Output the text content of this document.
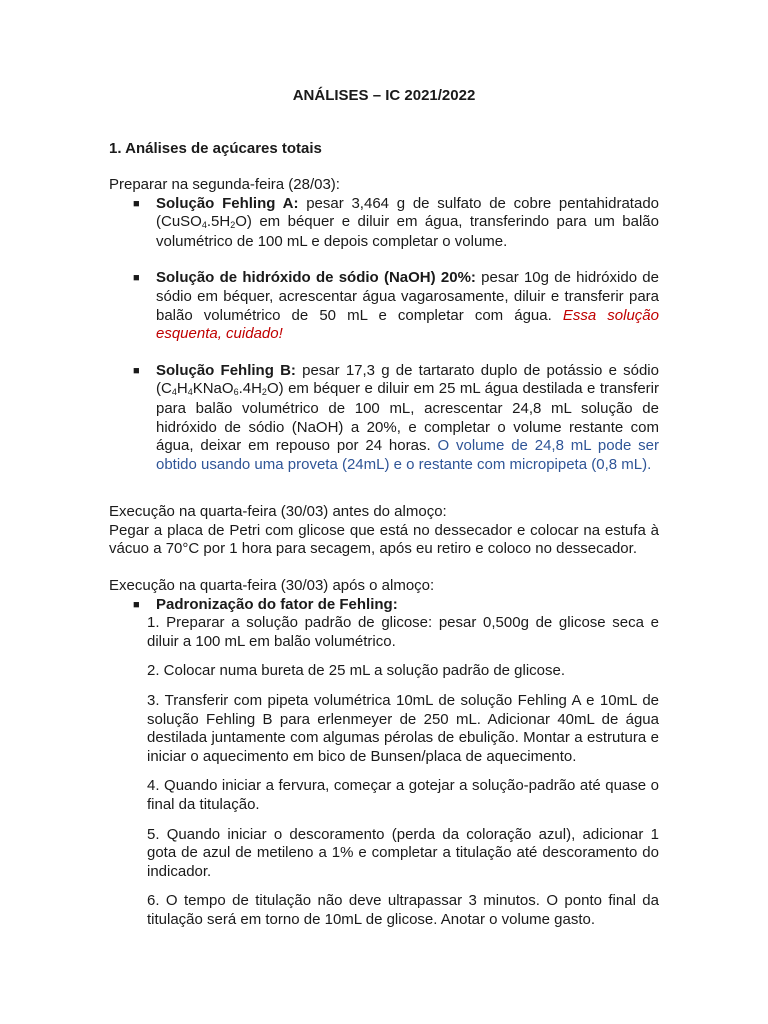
ANÁLISES – IC 2021/2022
1. Análises de açúcares totais

Preparar na segunda-feira (28/03):

■ Solução Fehling A: pesar 3,464 g de sulfato de cobre pentahidratado $(CuSO_4.5H_2O)$ em béquer e diluir em água, transferindo para um balão volumétrico de 100 mL e depois completar o volume.
■ Solução de hidróxido de sódio (NaOH) 20%: pesar 10g de hidróxido de sódio em béquer, acrescentar água vagarosamente, diluir e transferir para balão volumétrico de 50 mL e completar com água. Essa solução esquenta, cuidado!
■ Solução Fehling B: pesar 17,3 g de tartarato duplo de potássio e sódio $(C_4H_4KNaO_6.4H_2O)$ em béquer e diluir em 25 mL água destilada e transferir para balão volumétrico de 100 mL, acrescentar 24,8 mL solução de hidróxido de sódio (NaOH) a 20%, e completar o volume restante com água, deixar em repouso por 24 horas. O volume de 24,8 mL pode ser obtido usando uma proveta (24mL) e o restante com micropipeta (0,8 mL).

Execução na quarta-feira (30/03) antes do almoço:

Pegar a placa de Petri com glicose que está no dessecador e colocar na estufa à vácuo a 70°C por 1 hora para secagem, após eu retiro e coloco no dessecador.

Execução na quarta-feira (30/03) após o almoço:

■ Padronização do fator de Fehling:

1. Preparar a solução padrão de glicose: pesar 0,500g de glicose seca e diluir a 100 mL em balão volumétrico.

2. Colocar numa bureta de 25 mL a solução padrão de glicose.

3. Transferir com pipeta volumétrica 10mL de solução Fehling A e 10mL de solução Fehling B para erlenmeyer de 250 mL. Adicionar 40mL de água destilada juntamente com algumas pérolas de ebulição. Montar a estrutura e iniciar o aquecimento em bico de Bunsen/placa de aquecimento.

4. Quando iniciar a fervura, começar a gotejar a solução-padrão até quase o final da titulação.

5. Quando iniciar o descoramento (perda da coloração azul), adicionar 1 gota de azul de metileno a 1% e completar a titulação até descoramento do indicador.

6. O tempo de titulação não deve ultrapassar 3 minutos. O ponto final da titulação será em torno de 10mL de glicose. Anotar o volume gasto.
